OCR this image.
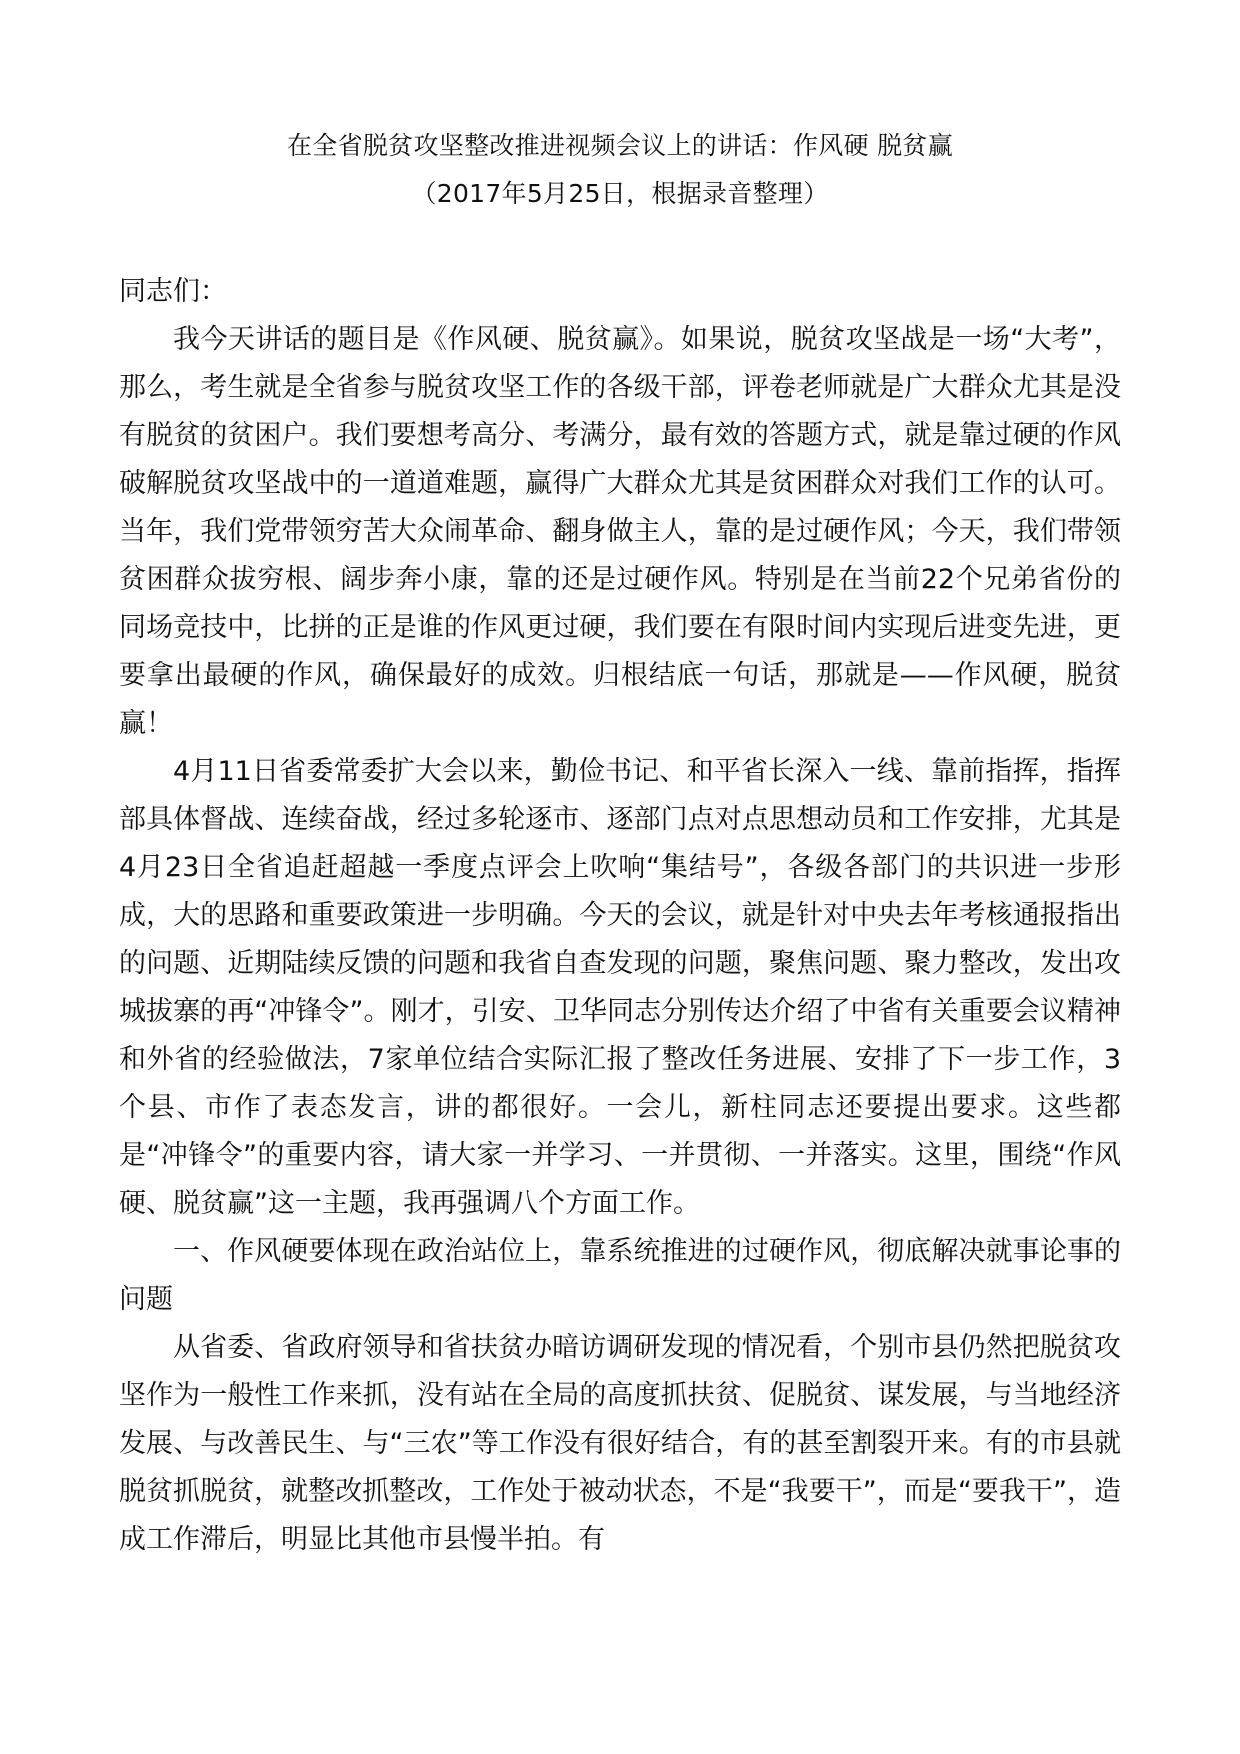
在全省脱贫攻坚整改推进视频会议上的讲话：作风硬 脱贫赢
（2017年5月25日，根据录音整理）
同志们：

我今天讲话的题目是《作风硬、脱贫赢》。如果说，脱贫攻坚战是一场“大考”，那么，考生就是全省参与脱贫攻坚工作的各级干部，评卷老师就是广大群众尤其是没有脱贫的贫困户。我们要想考高分、考满分，最有效的答题方式，就是靠过硬的作风破解脱贫攻坚战中的一道道难题，赢得广大群众尤其是贫困群众对我们工作的认可。当年，我们党带领穷苦大众闹革命、翻身做主人，靠的是过硬作风；今天，我们带领贫困群众拔穷根、阔步奔小康，靠的还是过硬作风。特别是在当前22个兄弟省份的同场竞技中，比拼的正是谁的作风更过硬，我们要在有限时间内实现后进变先进，更要拿出最硬的作风，确保最好的成效。归根结底一句话，那就是——作风硬，脱贫赢！

4月11日省委常委扩大会以来，勤俭书记、和平省长深入一线、靠前指挥，指挥部具体督战、连续奋战，经过多轮逐市、逐部门点对点思想动员和工作安排，尤其是4月23日全省追赶超越一季度点评会上吹响“集结号”，各级各部门的共识进一步形成，大的思路和重要政策进一步明确。今天的会议，就是针对中央去年考核通报指出的问题、近期陆续反馈的问题和我省自查发现的问题，聚焦问题、聚力整改，发出攻城拔寨的再“冲锋令”。刚才，引安、卫华同志分别传达介绍了中省有关重要会议精神和外省的经验做法，7家单位结合实际汇报了整改任务进展、安排了下一步工作，3个县、市作了表态发言，讲的都很好。一会儿，新柱同志还要提出要求。这些都是“冲锋令”的重要内容，请大家一并学习、一并贯彻、一并落实。这里，围绕“作风硬、脱贫赢”这一主题，我再强调八个方面工作。

一、作风硬要体现在政治站位上，靠系统推进的过硬作风，彻底解决就事论事的问题

从省委、省政府领导和省扶贫办暗访调研发现的情况看，个别市县仍然把脱贫攻坚作为一般性工作来抓，没有站在全局的高度抓扶贫、促脱贫、谋发展，与当地经济发展、与改善民生、与“三农”等工作没有很好结合，有的甚至割裂开来。有的市县就脱贫抓脱贫，就整改抓整改，工作处于被动状态，不是“我要干”，而是“要我干”，造成工作滞后，明显比其他市县慢半拍。有
